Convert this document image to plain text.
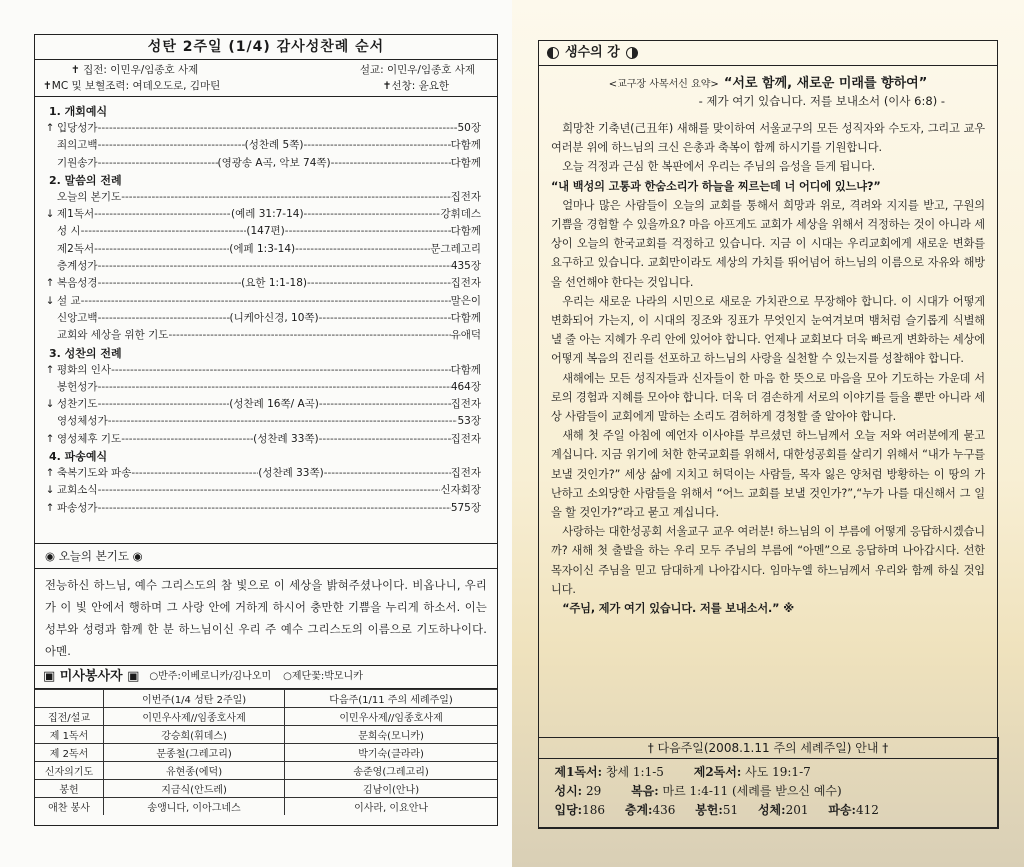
성탄 2주일 (1/4) 감사성찬례 순서
✝ 집전: 이민우/임종호 사제	설교: 이민우/임종호 사제
✝MC 및 보혈조력: 여데오도로, 김마틴	✝선창: 윤요한
1. 개회예식
↑ 입당성가 -----	50장
죄의고백 -----	(성찬례 5쪽) -----	다함께
기원송가 -----	(영광송 A곡, 악보 74쪽) -----	다함께
2. 말씀의 전례
오늘의 본기도 -----	집전자
↓ 제1독서 -----	(예레 31:7-14) -----	강휘데스
성 시 -----	(147편) -----	다함께
제2독서 -----	(에페 1:3-14) -----	문그레고리
층계성가 -----	435장
↑ 복음성경 -----	(요한 1:1-18) -----	집전자
↓ 설 교 -----	말은이
신앙고백 -----	(니케아신경, 10쪽) -----	다함께
교회와 세상을 위한 기도 -----	유애덕
3. 성찬의 전례
↑ 평화의 인사 -----	다함께
봉헌성가 -----	464장
↓ 성찬기도 -----	(성찬례 16쪽/ A곡) -----	집전자
영성체성가 -----	53장
↑ 영성체후 기도 -----	(성찬례 33쪽) -----	집전자
4. 파송예식
↑ 축복기도와 파송 -----	(성찬례 33쪽) -----	집전자
↓ 교회소식 -----	신자회장
↑ 파송성가 -----	575장
◉ 오늘의 본기도 ◉
전능하신 하느님, 예수 그리스도의 참 빛으로 이 세상을 밝혀주셨나이다. 비옵나니, 우리가 이 빛 안에서 행하며 그 사랑 안에 거하게 하시어 충만한 기쁨을 누리게 하소서. 이는 성부와 성령과 함께 한 분 하느님이신 우리 주 예수 그리스도의 이름으로 기도하나이다. 아멘.
▣ 미사봉사자 ▣ ○반주:이베로니카/김나오미 ○제단꽃:박모니카
	이번주(1/4 성탄 2주일)	다음주(1/11 주의 세례주일)
집전/설교	이민우사제//임종호사제	이민우사제//임종호사제
제 1독서	강승희(휘데스)	문희숙(모니카)
제 2독서	문종철(그레고리)	박기숙(클라라)
신자의기도	유현종(에덕)	송준영(그레고리)
봉헌	지금식(안드레)	김남이(안나)
애찬 봉사	송앵니다, 이아그네스	이사라, 이요안나
생수의 강
<교구장 사목서신 요약> “서로 함께, 새로운 미래를 향하여”
- 제가 여기 있습니다. 저를 보내소서 (이사 6:8) -

희망찬 기축년(己丑年) 새해를 맞이하여 서울교구의 모든 성직자와 수도자, 그리고 교우 여러분 위에 하느님의 크신 은총과 축복이 함께 하시기를 기원합니다.

오늘 걱정과 근심 한 복판에서 우리는 주님의 음성을 듣게 됩니다.

“내 백성의 고통과 한숨소리가 하늘을 찌르는데 너 어디에 있느냐?”

얼마나 많은 사람들이 오늘의 교회를 통해서 희망과 위로, 격려와 지지를 받고, 구원의 기쁨을 경험할 수 있을까요? 마음 아프게도 교회가 세상을 위해서 걱정하는 것이 아니라 세상이 오늘의 한국교회를 걱정하고 있습니다. 지금 이 시대는 우리교회에게 새로운 변화를 요구하고 있습니다. 교회만이라도 세상의 가치를 뛰어넘어 하느님의 이름으로 자유와 해방을 선언해야 한다는 것입니다.

우리는 새로운 나라의 시민으로 새로운 가치관으로 무장해야 합니다. 이 시대가 어떻게 변화되어 가는지, 이 시대의 징조와 징표가 무엇인지 눈여겨보며 뱀처럼 슬기롭게 식별해 낼 줄 아는 지혜가 우리 안에 있어야 합니다. 언제나 교회보다 더욱 빠르게 변화하는 세상에 어떻게 복음의 진리를 선포하고 하느님의 사랑을 실천할 수 있는지를 성찰해야 합니다.

새해에는 모든 성직자들과 신자들이 한 마음 한 뜻으로 마음을 모아 기도하는 가운데 서로의 경험과 지혜를 모아야 합니다. 더욱 더 겸손하게 서로의 이야기를 들을 뿐만 아니라 세상 사람들이 교회에게 말하는 소리도 겸허하게 경청할 줄 알아야 합니다.

새해 첫 주일 아침에 예언자 이사야를 부르셨던 하느님께서 오늘 저와 여러분에게 묻고 계십니다. 지금 위기에 처한 한국교회를 위해서, 대한성공회를 살리기 위해서 “내가 누구를 보낼 것인가?” 세상 삶에 지치고 허덕이는 사람들, 목자 잃은 양처럼 방황하는 이 땅의 가난하고 소외당한 사람들을 위해서 “어느 교회를 보낼 것인가?”,“누가 나를 대신해서 그 일을 할 것인가?”라고 묻고 계십니다.

사랑하는 대한성공회 서울교구 교우 여러분! 하느님의 이 부름에 어떻게 응답하시겠습니까? 새해 첫 출발을 하는 우리 모두 주님의 부름에 “아멘”으로 응답하며 나아갑시다. 선한 목자이신 주님을 믿고 담대하게 나아갑시다. 임마누엘 하느님께서 우리와 함께 하실 것입니다.

“주님, 제가 여기 있습니다. 저를 보내소서.” ※

† 다음주일(2008.1.11 주의 세례주일) 안내 †
제1독서: 창세 1:1-5 제2독서: 사도 19:1-7
성시: 29 복음: 마르 1:4-11 (세례를 받으신 예수)
입당:186 층계:436 봉헌:51 성체:201 파송:412
